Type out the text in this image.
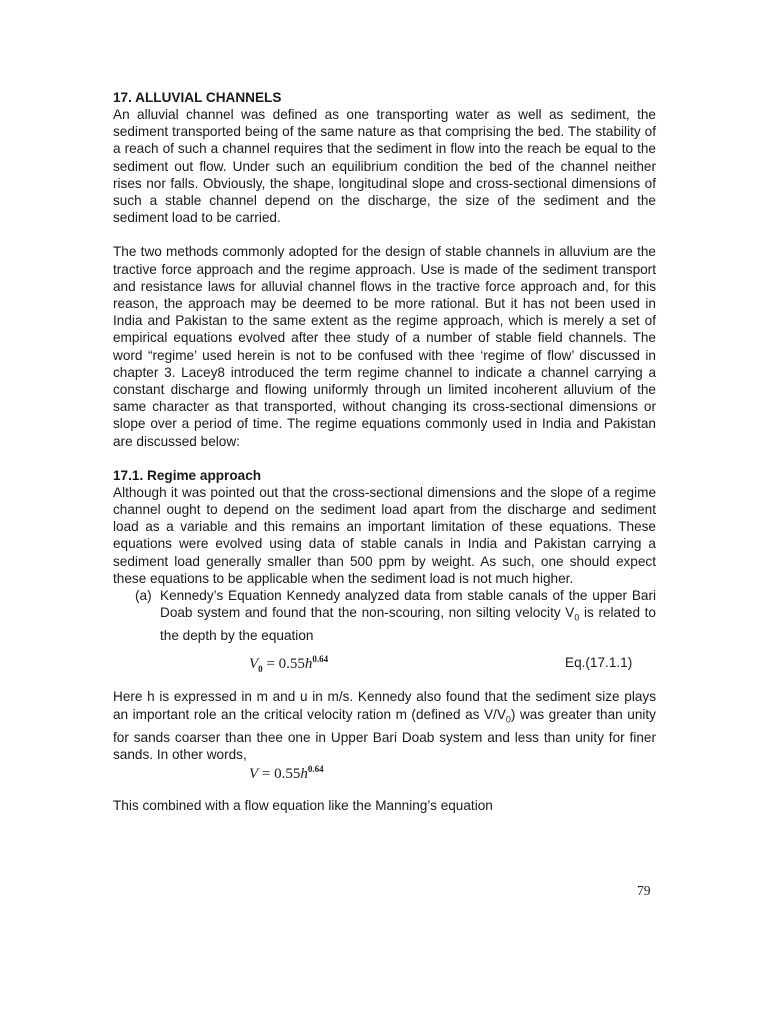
17. ALLUVIAL CHANNELS

An alluvial channel was defined as one transporting water as well as sediment, the sediment transported being of the same nature as that comprising the bed. The stability of a reach of such a channel requires that the sediment in flow into the reach be equal to the sediment out flow. Under such an equilibrium condition the bed of the channel neither rises nor falls. Obviously, the shape, longitudinal slope and cross-sectional dimensions of such a stable channel depend on the discharge, the size of the sediment and the sediment load to be carried.

The two methods commonly adopted for the design of stable channels in alluvium are the tractive force approach and the regime approach. Use is made of the sediment transport and resistance laws for alluvial channel flows in the tractive force approach and, for this reason, the approach may be deemed to be more rational. But it has not been used in India and Pakistan to the same extent as the regime approach, which is merely a set of empirical equations evolved after thee study of a number of stable field channels. The word “regime’ used herein is not to be confused with thee ‘regime of flow’ discussed in chapter 3. Lacey8 introduced the term regime channel to indicate a channel carrying a constant discharge and flowing uniformly through un limited incoherent alluvium of the same character as that transported, without changing its cross-sectional dimensions or slope over a period of time. The regime equations commonly used in India and Pakistan are discussed below:

17.1. Regime approach

Although it was pointed out that the cross-sectional dimensions and the slope of a regime channel ought to depend on the sediment load apart from the discharge and sediment load as a variable and this remains an important limitation of these equations. These equations were evolved using data of stable canals in India and Pakistan carrying a sediment load generally smaller than 500 ppm by weight. As such, one should expect these equations to be applicable when the sediment load is not much higher.

(a) Kennedy’s Equation Kennedy analyzed data from stable canals of the upper Bari Doab system and found that the non-scouring, non silting velocity $V_0$ is related to the depth by the equation
$V_0 = 0.55h^{0.64}$	Eq.(17.1.1)

Here h is expressed in m and u in m/s. Kennedy also found that the sediment size plays an important role an the critical velocity ration m (defined as $V/V_0$) was greater than unity for sands coarser than thee one in Upper Bari Doab system and less than unity for finer sands. In other words,

$V = 0.55h^{0.64}$

This combined with a flow equation like the Manning’s equation

79
